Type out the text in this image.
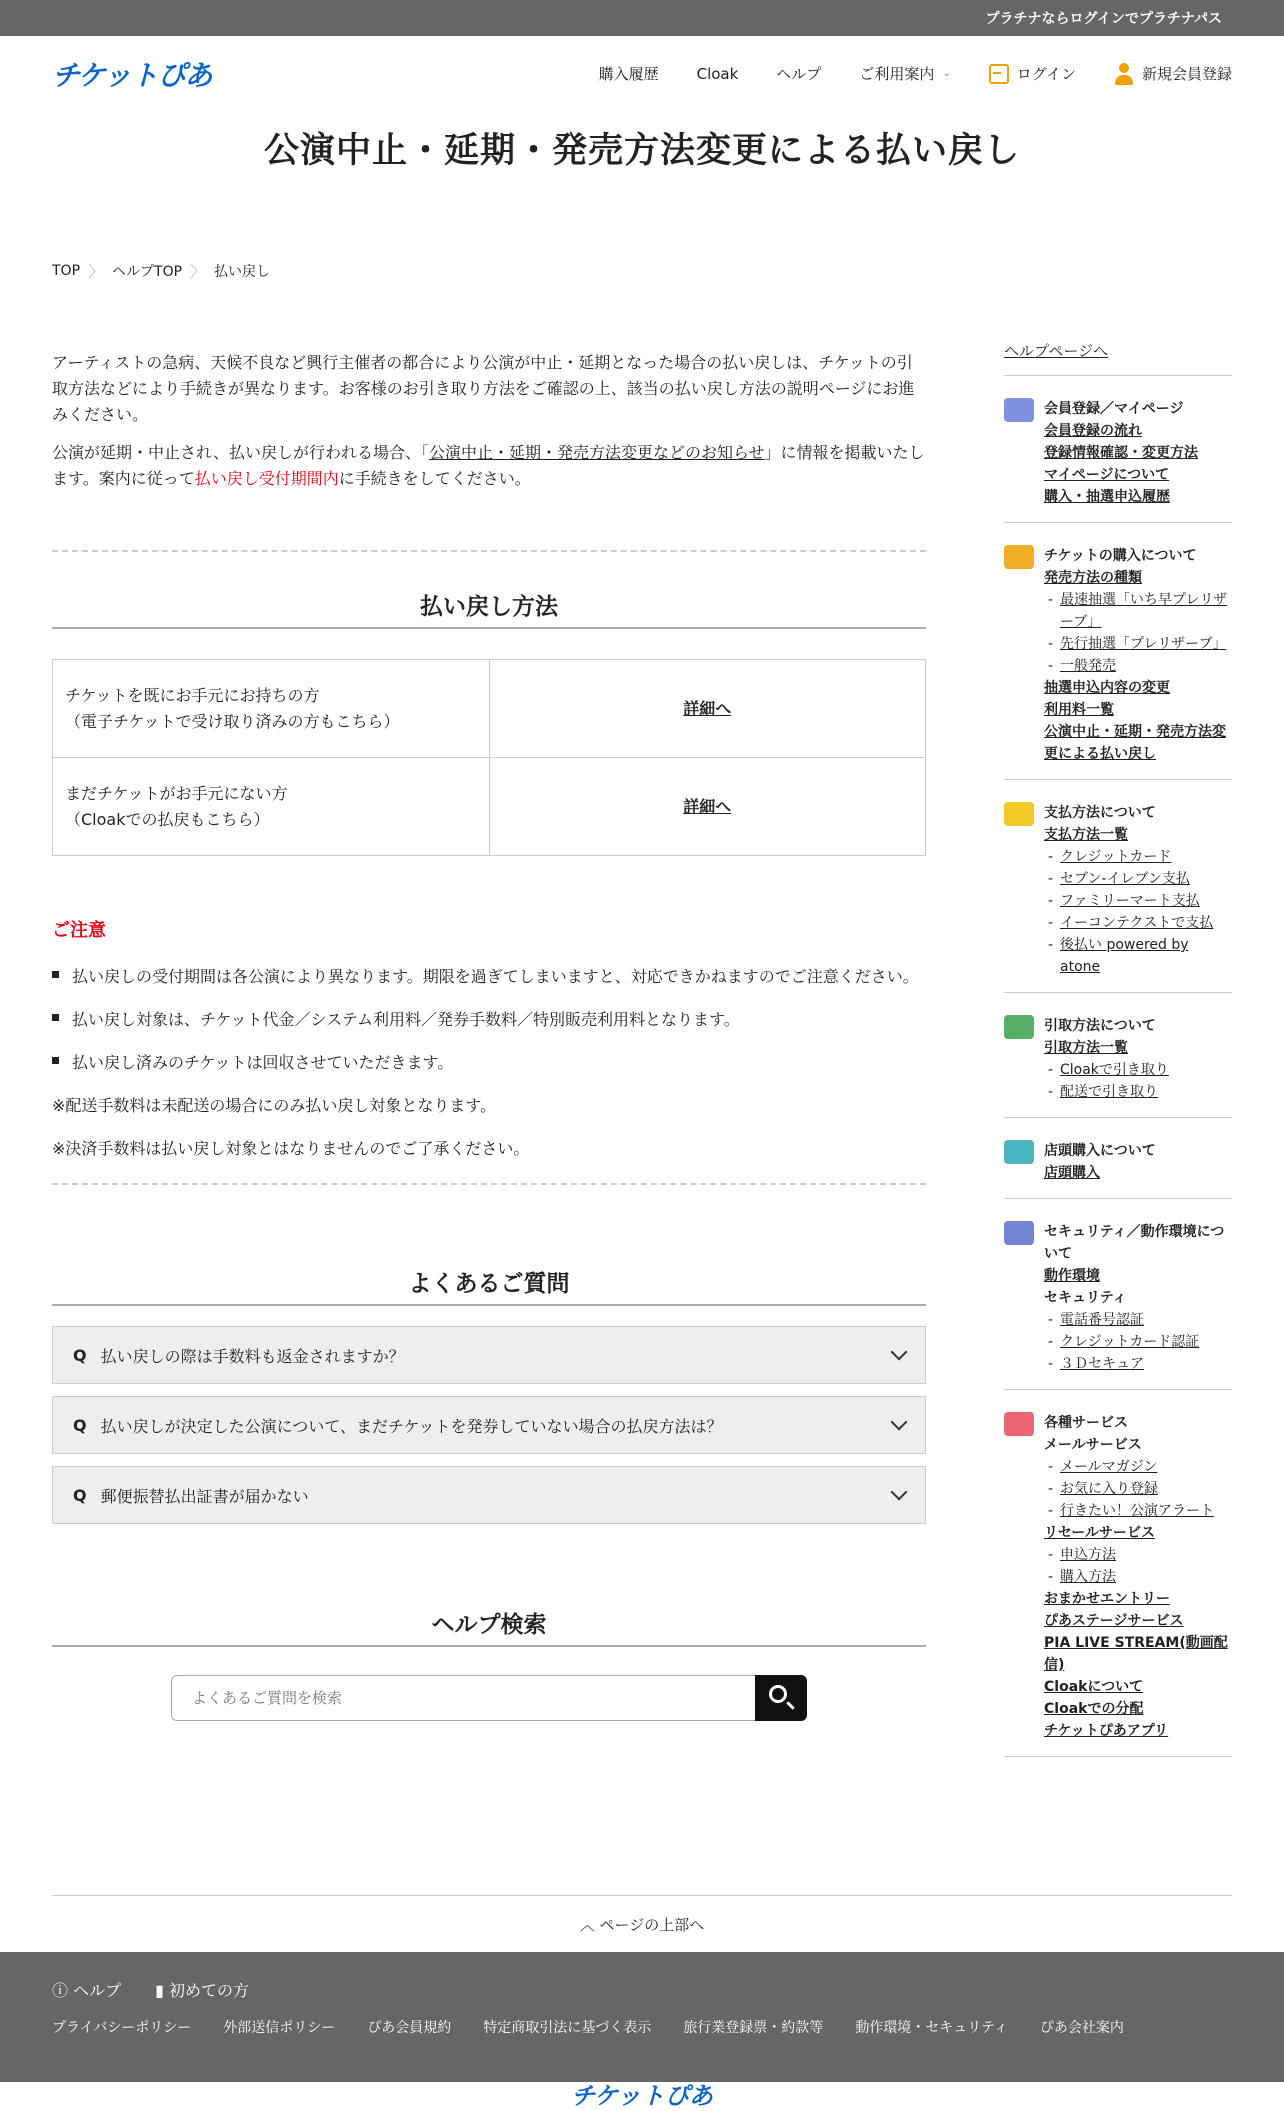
プラチナならログインでプラチナパス
チケットぴあ	購入履歴	Cloak	ヘルプ	ご利用案内 ⌄	ログイン	新規会員登録
公演中止・延期・発売方法変更による払い戻し
TOP 〉 ヘルプTOP 〉 払い戻し

アーティストの急病、天候不良など興行主催者の都合により公演が中止・延期となった場合の払い戻しは、チケットの引取方法などにより手続きが異なります。お客様のお引き取り方法をご確認の上、該当の払い戻し方法の説明ページにお進みください。

公演が延期・中止され、払い戻しが行われる場合、「公演中止・延期・発売方法変更などのお知らせ」に情報を掲載いたします。案内に従って払い戻し受付期間内に手続きをしてください。

払い戻し方法
チケットを既にお手元にお持ちの方
（電子チケットで受け取り済みの方もこちら）	詳細へ

まだチケットがお手元にない方
（Cloakでの払戻もこちら）	詳細へ
ご注意
払い戻しの受付期間は各公演により異なります。期限を過ぎてしまいますと、対応できかねますのでご注意ください。
払い戻し対象は、チケット代金／システム利用料／発券手数料／特別販売利用料となります。
払い戻し済みのチケットは回収させていただきます。

※配送手数料は未配送の場合にのみ払い戻し対象となります。

※決済手数料は払い戻し対象とはなりませんのでご了承ください。

よくあるご質問
Q 払い戻しの際は手数料も返金されますか？
Q 払い戻しが決定した公演について、まだチケットを発券していない場合の払戻方法は？
Q 郵便振替払出証書が届かない
ヘルプ検索
よくあるご質問を検索
ヘルプページへ
会員登録／マイページ
会員登録の流れ
登録情報確認・変更方法
マイページについて
購入・抽選申込履歴
チケットの購入について
発売方法の種類
- 最速抽選「いち早プレリザーブ」
- 先行抽選「プレリザーブ」
- 一般発売
抽選申込内容の変更
利用料一覧
公演中止・延期・発売方法変更による払い戻し
支払方法について
支払方法一覧
- クレジットカード
- セブン-イレブン支払
- ファミリーマート支払
- イーコンテクストで支払
- 後払い powered by atone
引取方法について
引取方法一覧
- Cloakで引き取り
- 配送で引き取り
店頭購入について
店頭購入
セキュリティ／動作環境について
動作環境
セキュリティ
- 電話番号認証
- クレジットカード認証
- ３Ｄセキュア
各種サービス
メールサービス
- メールマガジン
- お気に入り登録
- 行きたい！公演アラート
リセールサービス
- 申込方法
- 購入方法
おまかせエントリー
ぴあステージサービス
PIA LIVE STREAM(動画配信)
Cloakについて
Cloakでの分配
チケットぴあアプリ
︿ ページの上部へ
ⓘ ヘルプ ▮ 初めての方
プライバシーポリシー 外部送信ポリシー ぴあ会員規約 特定商取引法に基づく表示 旅行業登録票・約款等 動作環境・セキュリティ ぴあ会社案内
チケットぴあ
